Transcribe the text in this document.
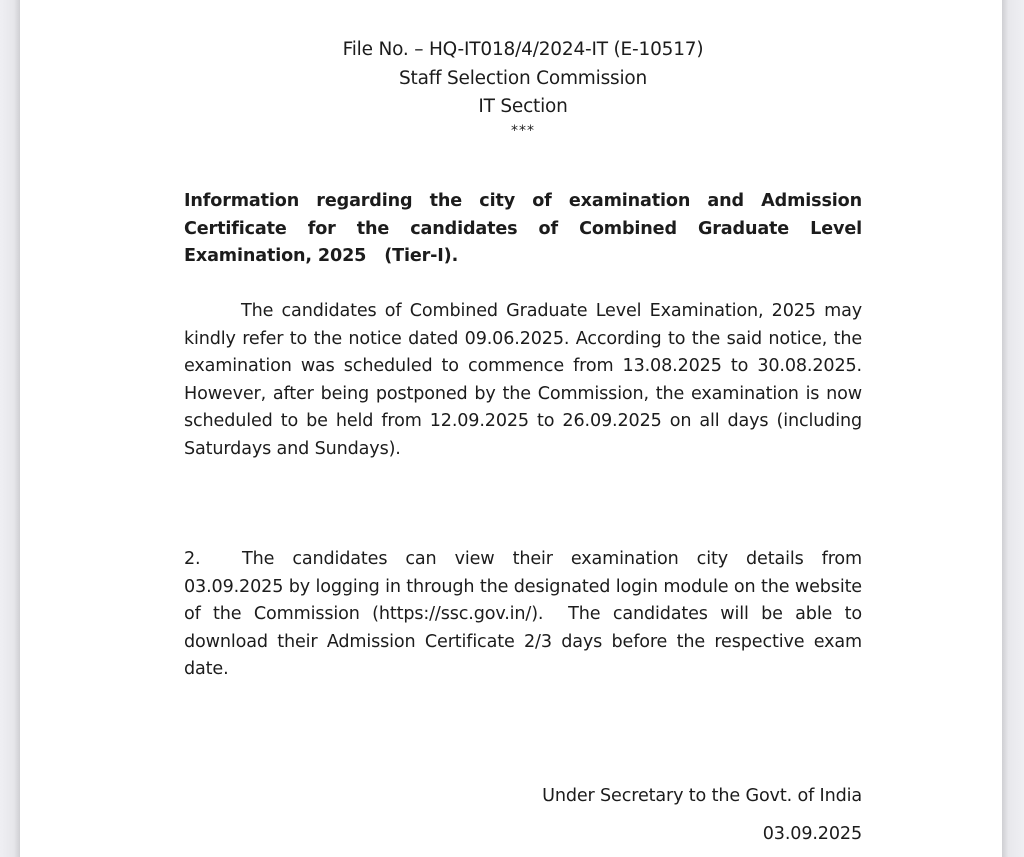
File No. – HQ-IT018/4/2024-IT (E-10517)
Staff Selection Commission
IT Section
***
Information regarding the city of examination and Admission Certificate for the candidates of Combined Graduate Level Examination, 2025   (Tier-I).
The candidates of Combined Graduate Level Examination, 2025 may kindly refer to the notice dated 09.06.2025. According to the said notice, the examination was scheduled to commence from 13.08.2025 to 30.08.2025. However, after being postponed by the Commission, the examination is now scheduled to be held from 12.09.2025 to 26.09.2025 on all days (including Saturdays and Sundays).
2. The candidates can view their examination city details from 03.09.2025 by logging in through the designated login module on the website of the Commission (https://ssc.gov.in/).  The candidates will be able to download their Admission Certificate 2/3 days before the respective exam date.
Under Secretary to the Govt. of India
03.09.2025
